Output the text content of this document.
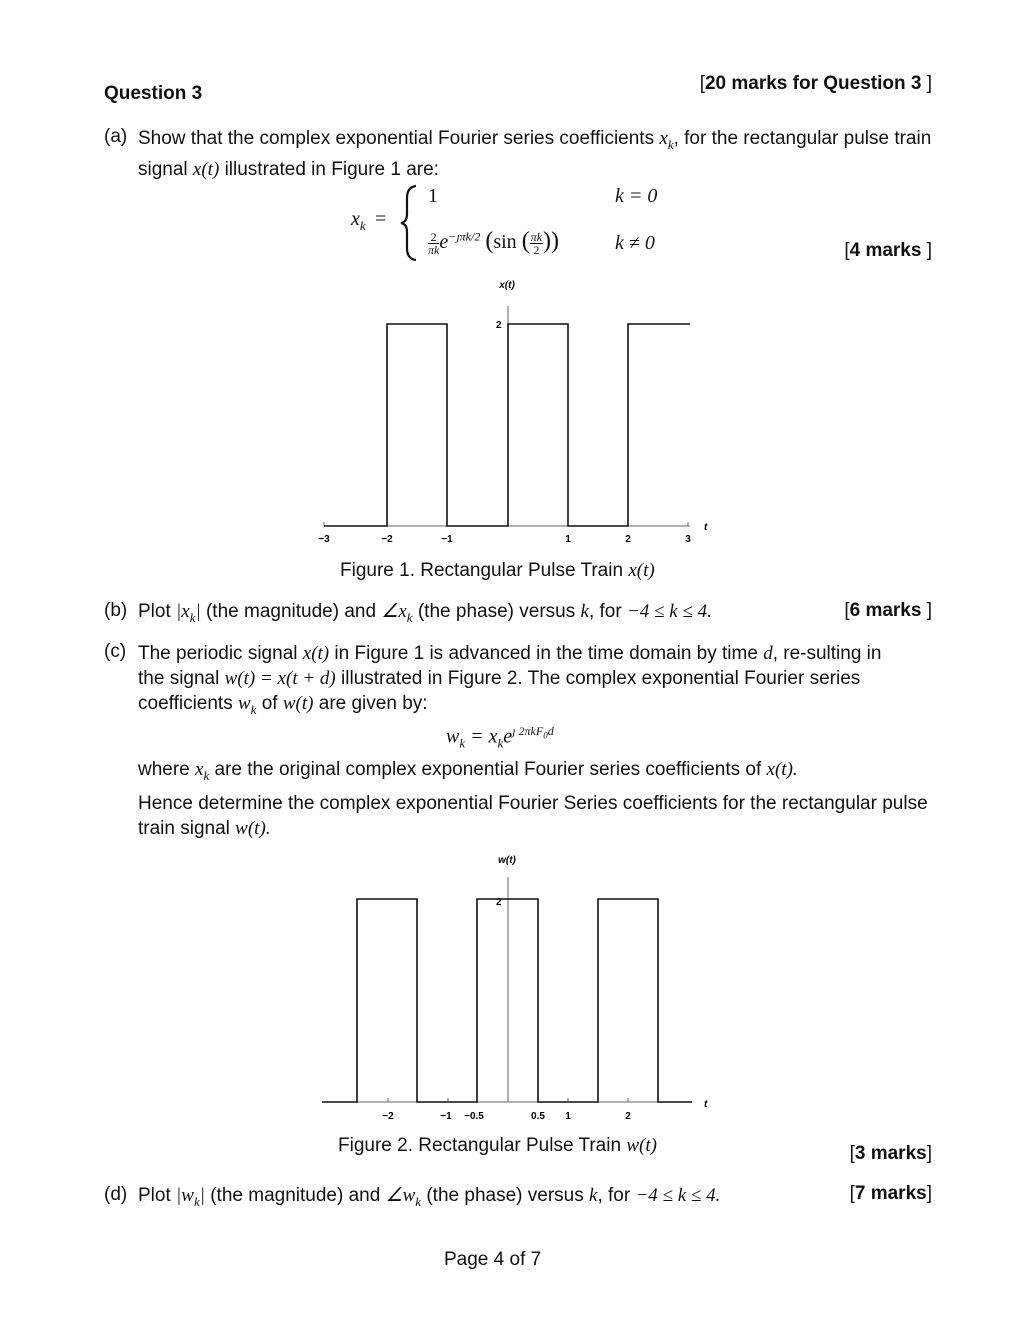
Question 3	[20 marks for Question 3 ]
(a) Show that the complex exponential Fourier series coefficients $x_k$, for the rectangular pulse train signal x(t) illustrated in Figure 1 are:
$x_k$ =
1	k = 0
$\frac{2}{\pi k} e^{-ȷ\pi k/2}$ (sin ( $\frac{\pi k}{2}$ ))	k ≠ 0	[4 marks ]
x(t)
t
2
−3	−2	−1	1	2	3
Figure 1. Rectangular Pulse Train x(t)
(b) Plot $|x_k|$ (the magnitude) and $\angle x_k$ (the phase) versus k, for −4 ≤ k ≤ 4.	[6 marks ]
(c) The periodic signal x(t) in Figure 1 is advanced in the time domain by time d, re-sulting in the signal w(t) = x(t + d) illustrated in Figure 2. The complex exponential Fourier series coefficients $w_k$ of w(t) are given by:
$w_k = x_ke^{ȷ 2\pi kF_0d}$
where $x_k$ are the original complex exponential Fourier series coefficients of x(t).
Hence determine the complex exponential Fourier Series coefficients for the rectangular pulse train signal w(t).
w(t)
t
2
−2	−1 −0.5	0.5 1	2
Figure 2. Rectangular Pulse Train w(t)	[3 marks]
(d) Plot $|w_k|$ (the magnitude) and $\angle w_k$ (the phase) versus k, for −4 ≤ k ≤ 4.	[7 marks]
Page 4 of 7
